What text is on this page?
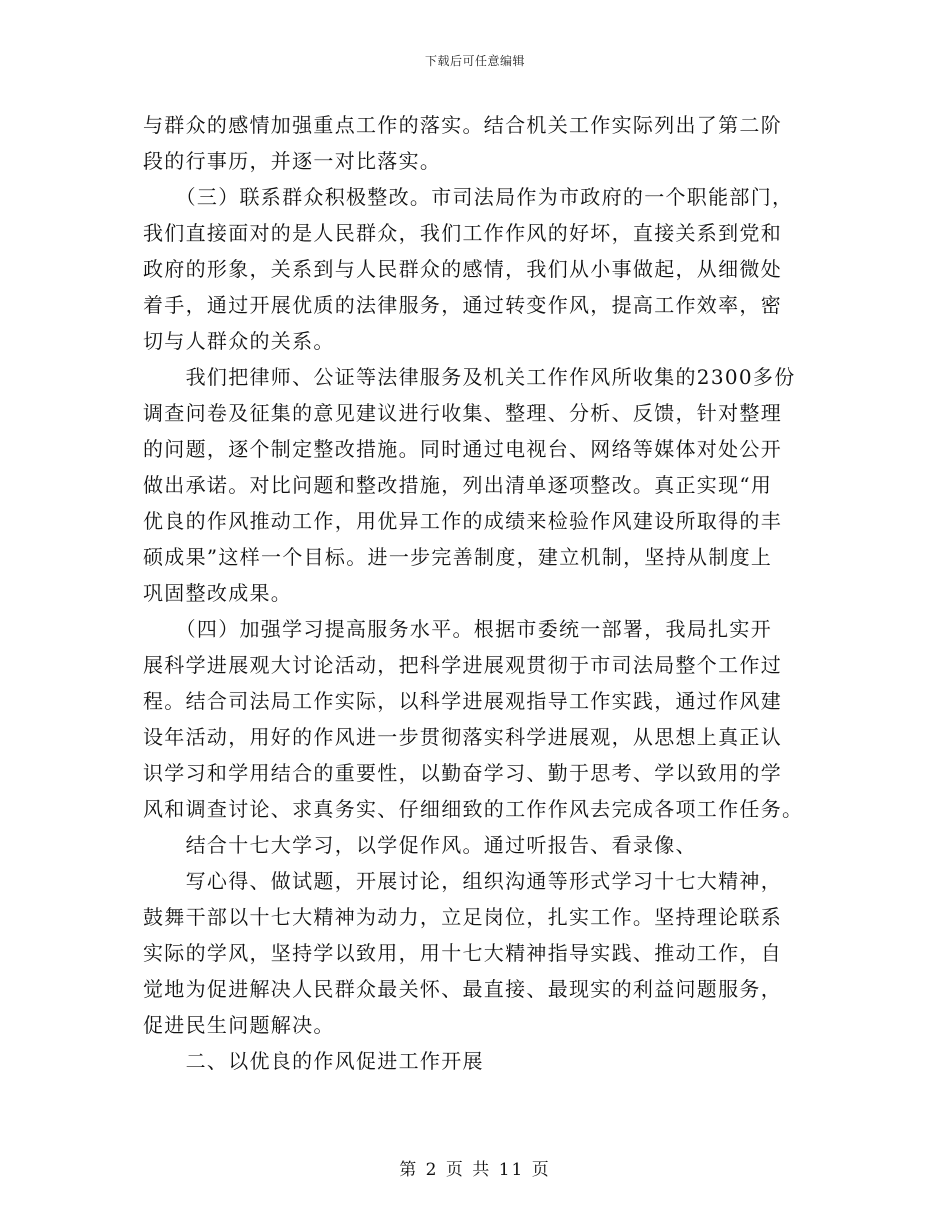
下载后可任意编辑
与群众的感情加强重点工作的落实。结合机关工作实际列出了第二阶
段的行事历，并逐一对比落实。
　　（三）联系群众积极整改。市司法局作为市政府的一个职能部门，
我们直接面对的是人民群众，我们工作作风的好坏，直接关系到党和
政府的形象，关系到与人民群众的感情，我们从小事做起，从细微处
着手，通过开展优质的法律服务，通过转变作风，提高工作效率，密
切与人群众的关系。
　　我们把律师、公证等法律服务及机关工作作风所收集的2300多份
调查问卷及征集的意见建议进行收集、整理、分析、反馈，针对整理
的问题，逐个制定整改措施。同时通过电视台、网络等媒体对处公开
做出承诺。对比问题和整改措施，列出清单逐项整改。真正实现“用
优良的作风推动工作，用优异工作的成绩来检验作风建设所取得的丰
硕成果”这样一个目标。进一步完善制度，建立机制，坚持从制度上
巩固整改成果。
　　（四）加强学习提高服务水平。根据市委统一部署，我局扎实开
展科学进展观大讨论活动，把科学进展观贯彻于市司法局整个工作过
程。结合司法局工作实际，以科学进展观指导工作实践，通过作风建
设年活动，用好的作风进一步贯彻落实科学进展观，从思想上真正认
识学习和学用结合的重要性，以勤奋学习、勤于思考、学以致用的学
风和调查讨论、求真务实、仔细细致的工作作风去完成各项工作任务。
　　结合十七大学习，以学促作风。通过听报告、看录像、
　　写心得、做试题，开展讨论，组织沟通等形式学习十七大精神，
鼓舞干部以十七大精神为动力，立足岗位，扎实工作。坚持理论联系
实际的学风，坚持学以致用，用十七大精神指导实践、推动工作，自
觉地为促进解决人民群众最关怀、最直接、最现实的利益问题服务，
促进民生问题解决。
　　二、以优良的作风促进工作开展
第 2 页 共 11 页
